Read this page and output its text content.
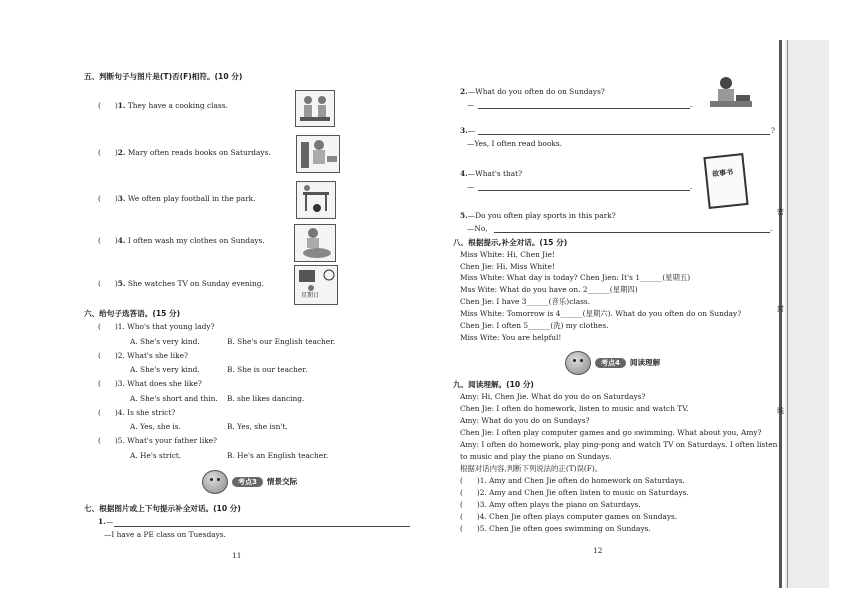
五、判断句子与图片是(T)否(F)相符。(10 分)
( )1. They have a cooking class.
( )2. Mary often reads books on Saturdays.
( )3. We often play football in the park.
( )4. I often wash my clothes on Sundays.
( )5. She watches TV on Sunday evening.
星期日
六、给句子选答语。(15 分)
( )1. Who's that young lady?
A. She's very kind.	B. She's our English teacher.
( )2. What's she like?
A. She's very kind.	B. She is our teacher.
( )3. What does she like?
A. She's short and thin. B. she likes dancing.
( )4. Is she strict?
A. Yes, she is.	B. Yes, she isn't.
( )5. What's your father like?
A. He's strict.	B. He's an English teacher.
考点3	情景交际
七、根据图片或上下句提示补全对话。(10 分)
1.—
—I have a PE class on Tuesdays.
11
2.—What do you often do on Sundays?
—	.
3.—	?
—Yes, I often read books.
4.—What's that?
—	.
故事书
5.—Do you often play sports in this park?
—No,	.
八、根据提示,补全对话。(15 分)
Miss White: Hi, Chen Jie!
Chen Jie: Hi, Miss White!
Miss White: What day is today? Chen Jien: It's 1______(星期五)
Mss Wite: What do you have on. 2______(星期四)
Chen Jie: I have 3______(音乐)class.
Miss White: Tomorrow is 4______(星期六). What do you often do on Sunday?
Chen Jie: I often 5______(洗) my clothes.
Miss Wite: You are helpful!
考点4	阅读理解
九、阅读理解。(10 分)
Amy: Hi, Chen Jie. What do you do on Saturdays?
Chen Jie: I often do homework, listen to music and watch TV.
Amy: What do you do on Sundays?
Chen Jie: I often play computer games and go swimming. What about you, Amy?
Amy: I often do homework, play ping-pong and watch TV on Saturdays. I often listen
to music and play the piano on Sundays.
根据对话内容,判断下列说法的正(T)误(F)。
( )1. Amy and Chen Jie often do homework on Saturdays.
( )2. Amy and Chen Jie often listen to music on Saturdays.
( )3. Amy often plays the piano on Saturdays.
( )4. Chen Jie often plays computer games on Sundays.
( )5. Chen Jie often goes swimming on Sundays.
12
密
封
线
